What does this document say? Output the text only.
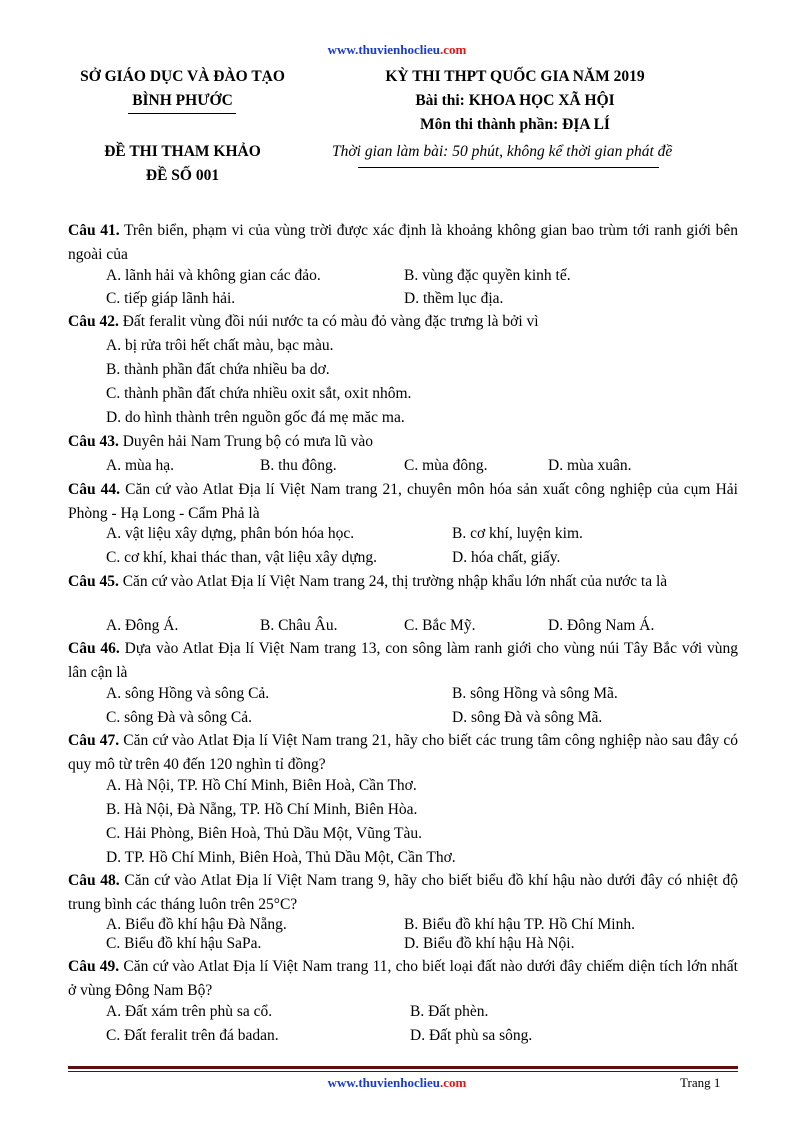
www.thuvienhoclieu.com
SỞ GIÁO DỤC VÀ ĐÀO TẠO
BÌNH PHƯỚC
ĐỀ THI THAM KHẢO
ĐỀ SỐ 001
KỲ THI THPT QUỐC GIA NĂM 2019
Bài thi: KHOA HỌC XÃ HỘI
Môn thi thành phần: ĐỊA LÍ
Thời gian làm bài: 50 phút, không kể thời gian phát đề
Câu 41. Trên biển, phạm vi của vùng trời được xác định là khoảng không gian bao trùm tới ranh giới bên ngoài của
A. lãnh hải và không gian các đảo.	B. vùng đặc quyền kinh tế.
C. tiếp giáp lãnh hải.	D. thềm lục địa.
Câu 42. Đất feralit vùng đồi núi nước ta có màu đỏ vàng đặc trưng là bởi vì
A. bị rửa trôi hết chất màu, bạc màu.
B. thành phần đất chứa nhiều ba dơ.
C. thành phần đất chứa nhiều oxit sắt, oxit nhôm.
D. do hình thành trên nguồn gốc đá mẹ măc ma.
Câu 43. Duyên hải Nam Trung bộ có mưa lũ vào
A. mùa hạ.	B. thu đông.	C. mùa đông.	D. mùa xuân.
Câu 44. Căn cứ vào Atlat Địa lí Việt Nam trang 21, chuyên môn hóa sản xuất công nghiệp của cụm Hải Phòng - Hạ Long - Cẩm Phả là
A. vật liệu xây dựng, phân bón hóa học.	B. cơ khí, luyện kim.
C. cơ khí, khai thác than, vật liệu xây dựng.	D. hóa chất, giấy.
Câu 45. Căn cứ vào Atlat Địa lí Việt Nam trang 24, thị trường nhập khẩu lớn nhất của nước ta là
A. Đông Á.	B. Châu Âu.	C. Bắc Mỹ.	D. Đông Nam Á.
Câu 46. Dựa vào Atlat Địa lí Việt Nam trang 13, con sông làm ranh giới cho vùng núi Tây Bắc với vùng lân cận là
A. sông Hồng và sông Cả.	B. sông Hồng và sông Mã.
C. sông Đà và sông Cả.	D. sông Đà và sông Mã.
Câu 47. Căn cứ vào Atlat Địa lí Việt Nam trang 21, hãy cho biết các trung tâm công nghiệp nào sau đây có quy mô từ trên 40 đến 120 nghìn tỉ đồng?
A. Hà Nội, TP. Hồ Chí Minh, Biên Hoà, Cần Thơ.
B. Hà Nội, Đà Nẵng, TP. Hồ Chí Minh, Biên Hòa.
C. Hải Phòng, Biên Hoà, Thủ Dầu Một, Vũng Tàu.
D. TP. Hồ Chí Minh, Biên Hoà, Thủ Dầu Một, Cần Thơ.
Câu 48. Căn cứ vào Atlat Địa lí Việt Nam trang 9, hãy cho biết biểu đồ khí hậu nào dưới đây có nhiệt độ trung bình các tháng luôn trên 25°C?
A. Biểu đồ khí hậu Đà Nẵng.	B. Biểu đồ khí hậu TP. Hồ Chí Minh.
C. Biểu đồ khí hậu SaPa.	D. Biểu đồ khí hậu Hà Nội.
Câu 49. Căn cứ vào Atlat Địa lí Việt Nam trang 11, cho biết loại đất nào dưới đây chiếm diện tích lớn nhất ở vùng Đông Nam Bộ?
A. Đất xám trên phù sa cổ.	B. Đất phèn.
C. Đất feralit trên đá badan.	D. Đất phù sa sông.
www.thuvienhoclieu.com	Trang 1
